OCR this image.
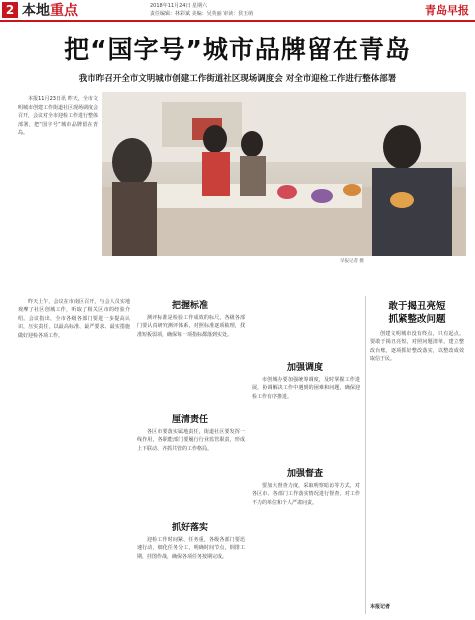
2 本地重点	2018年11月24日 星期六
责任编辑：林彩斌 美编：吴英丽 审读：侯玉萌	青岛早报
把“国字号”城市品牌留在青岛
我市昨召开全市文明城市创建工作街道社区现场调度会 对全市迎检工作进行整体部署
本报11月23日讯 昨天，全市文明城市创建工作街道社区现场调度会召开，会议对全市迎检工作进行整体部署，把“国字号”城市品牌留在青岛。
早报记者 摄
昨天上午，会议在市南区召开，与会人员实地观摩了社区创城工作，听取了相关区市的经验介绍。会议指出，全市各级各部门要进一步提高认识，压实责任，以最高标准、最严要求、最实措施做好迎检各项工作。
把握标准
测评标准是检验工作成效的标尺。各级各部门要认真研究测评体系，对照标准逐项梳理，找准短板弱项，确保每一项指标都落到实处。
厘清责任
各区市要落实属地责任，街道社区要发挥一线作用，各职能部门要履行行业监管职责，形成上下联动、齐抓共管的工作格局。
抓好落实
迎检工作时间紧、任务重，各级各部门要迅速行动，细化任务分工，明确时间节点，倒排工期，挂图作战，确保各项任务按期完成。
加强调度
市创城办要加强统筹调度，及时掌握工作进展，协调解决工作中遇到的困难和问题，确保迎检工作有序推进。
加强督查
要加大督查力度，采取明察暗访等方式，对各区市、各部门工作落实情况进行督查，对工作不力的单位和个人严肃问责。
敢于揭丑亮短
抓紧整改问题
创建文明城市没有终点，只有起点。要敢于揭丑亮短，对照问题清单，建立整改台账，逐项抓好整改落实，以整改成效取信于民。
本报记者
